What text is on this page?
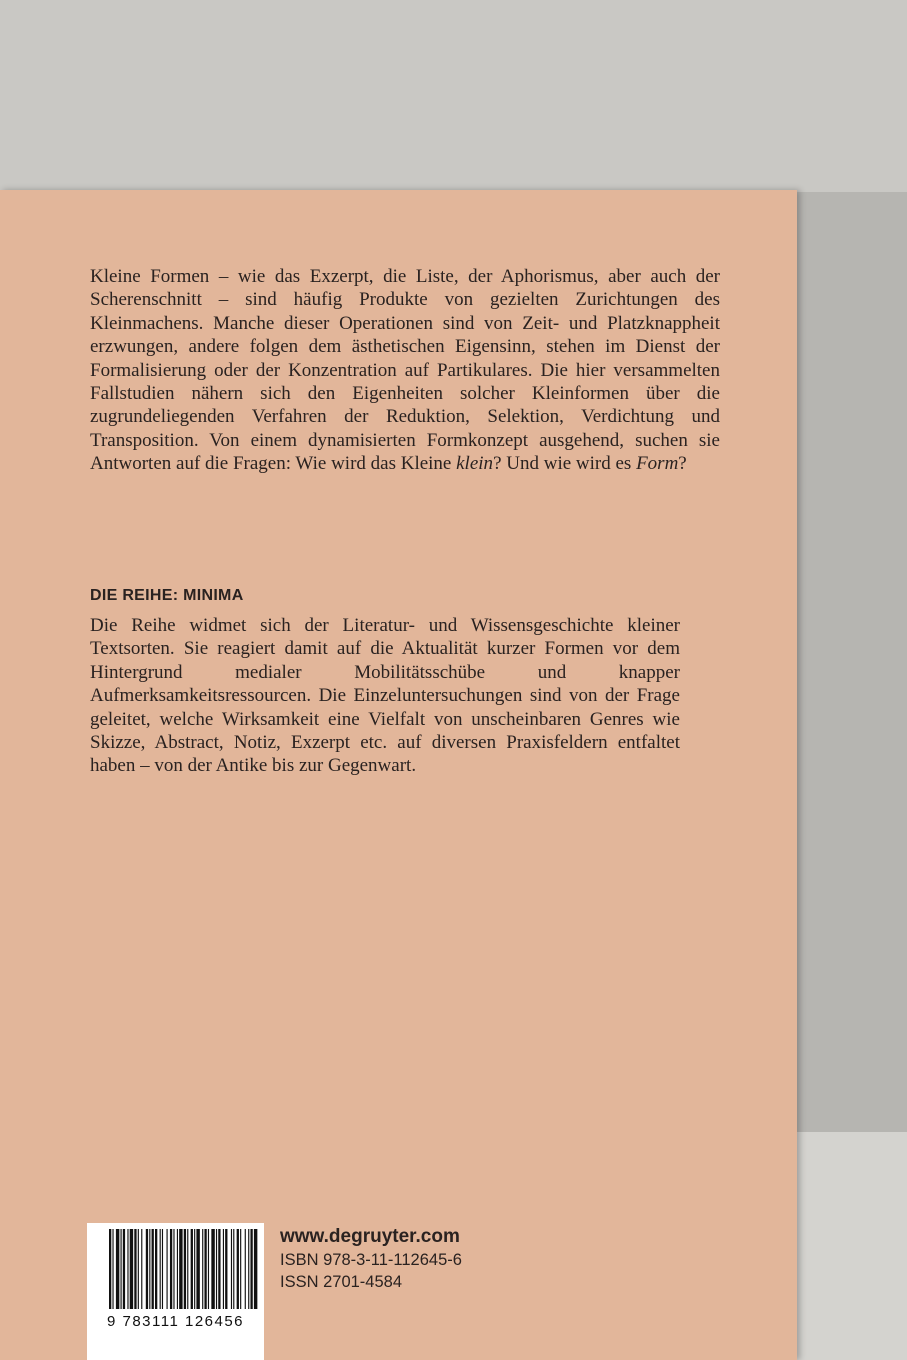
Kleine Formen – wie das Exzerpt, die Liste, der Aphorismus, aber auch der Scherenschnitt – sind häufig Produkte von gezielten Zurichtungen des Kleinmachens. Manche dieser Operationen sind von Zeit- und Platzknappheit erzwungen, andere folgen dem ästhetischen Eigensinn, stehen im Dienst der Formalisierung oder der Konzentration auf Partikulares. Die hier versammelten Fallstudien nähern sich den Eigenheiten solcher Kleinformen über die zugrundeliegenden Verfahren der Reduktion, Selektion, Verdichtung und Transposition. Von einem dynamisierten Formkonzept ausgehend, suchen sie Antworten auf die Fragen: Wie wird das Kleine klein? Und wie wird es Form?

DIE REIHE: MINIMA

Die Reihe widmet sich der Literatur- und Wissensgeschichte kleiner Textsorten. Sie reagiert damit auf die Aktualität kurzer Formen vor dem Hintergrund medialer Mobilitätsschübe und knapper Aufmerksamkeitsressourcen. Die Einzeluntersuchungen sind von der Frage geleitet, welche Wirksamkeit eine Vielfalt von unscheinbaren Genres wie Skizze, Abstract, Notiz, Exzerpt etc. auf diversen Praxisfeldern entfaltet haben – von der Antike bis zur Gegenwart.

9 783111 126456
www.degruyter.com
ISBN 978-3-11-112645-6
ISSN 2701-4584
